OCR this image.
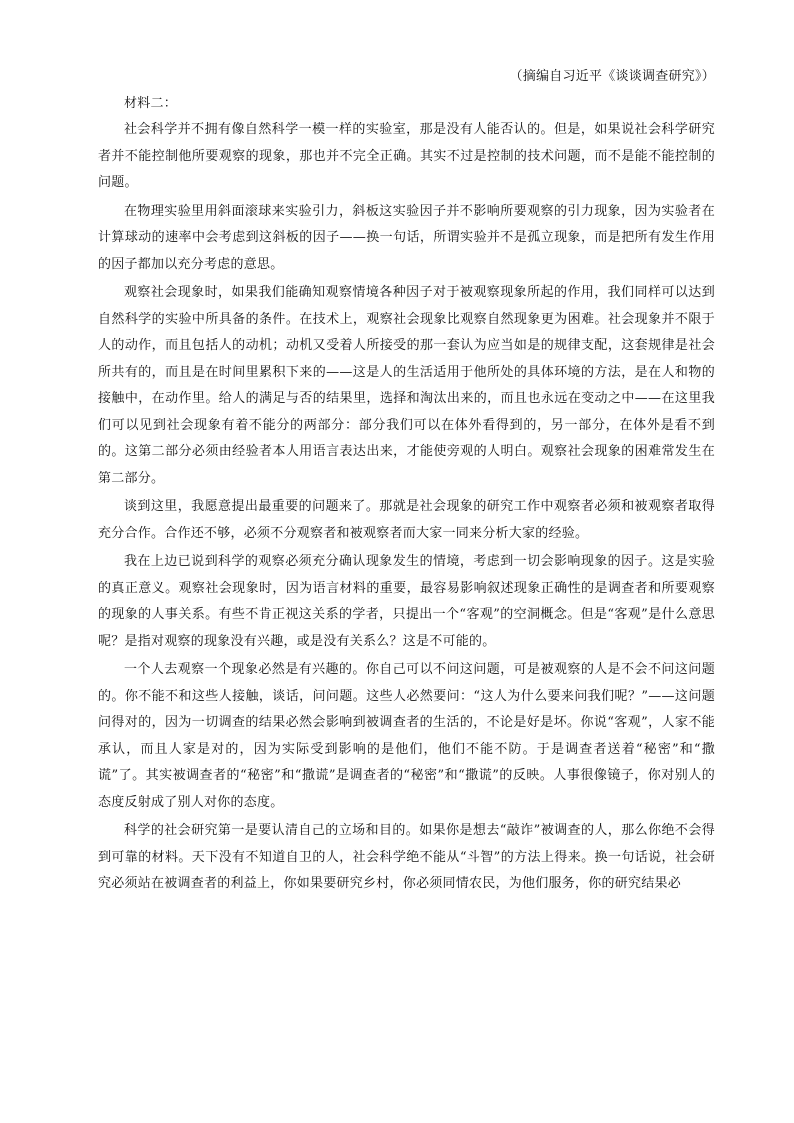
（摘编自习近平《谈谈调查研究》）

材料二：

社会科学并不拥有像自然科学一模一样的实验室，那是没有人能否认的。但是，如果说社会科学研究者并不能控制他所要观察的现象，那也并不完全正确。其实不过是控制的技术问题，而不是能不能控制的问题。

在物理实验里用斜面滚球来实验引力，斜板这实验因子并不影响所要观察的引力现象，因为实验者在计算球动的速率中会考虑到这斜板的因子——换一句话，所谓实验并不是孤立现象，而是把所有发生作用的因子都加以充分考虑的意思。

观察社会现象时，如果我们能确知观察情境各种因子对于被观察现象所起的作用，我们同样可以达到自然科学的实验中所具备的条件。在技术上，观察社会现象比观察自然现象更为困难。社会现象并不限于人的动作，而且包括人的动机；动机又受着人所接受的那一套认为应当如是的规律支配，这套规律是社会所共有的，而且是在时间里累积下来的——这是人的生活适用于他所处的具体环境的方法，是在人和物的接触中，在动作里。给人的满足与否的结果里，选择和淘汰出来的，而且也永远在变动之中——在这里我们可以见到社会现象有着不能分的两部分：部分我们可以在体外看得到的，另一部分，在体外是看不到的。这第二部分必须由经验者本人用语言表达出来，才能使旁观的人明白。观察社会现象的困难常发生在第二部分。

谈到这里，我愿意提出最重要的问题来了。那就是社会现象的研究工作中观察者必须和被观察者取得充分合作。合作还不够，必须不分观察者和被观察者而大家一同来分析大家的经验。

我在上边已说到科学的观察必须充分确认现象发生的情境，考虑到一切会影响现象的因子。这是实验的真正意义。观察社会现象时，因为语言材料的重要，最容易影响叙述现象正确性的是调查者和所要观察的现象的人事关系。有些不肯正视这关系的学者，只提出一个“客观”的空洞概念。但是“客观”是什么意思呢？是指对观察的现象没有兴趣，或是没有关系么？这是不可能的。

一个人去观察一个现象必然是有兴趣的。你自己可以不问这问题，可是被观察的人是不会不问这问题的。你不能不和这些人接触，谈话，问问题。这些人必然要问：“这人为什么要来问我们呢？”——这问题问得对的，因为一切调查的结果必然会影响到被调查者的生活的，不论是好是坏。你说“客观”，人家不能承认，而且人家是对的，因为实际受到影响的是他们，他们不能不防。于是调查者送着“秘密”和“撒谎”了。其实被调查者的“秘密”和“撒谎”是调查者的“秘密”和“撒谎”的反映。人事很像镜子，你对别人的态度反射成了别人对你的态度。

科学的社会研究第一是要认清自己的立场和目的。如果你是想去“敲诈”被调查的人，那么你绝不会得到可靠的材料。天下没有不知道自卫的人，社会科学绝不能从“斗智”的方法上得来。换一句话说，社会研究必须站在被调查者的利益上，你如果要研究乡村，你必须同情农民，为他们服务，你的研究结果必
